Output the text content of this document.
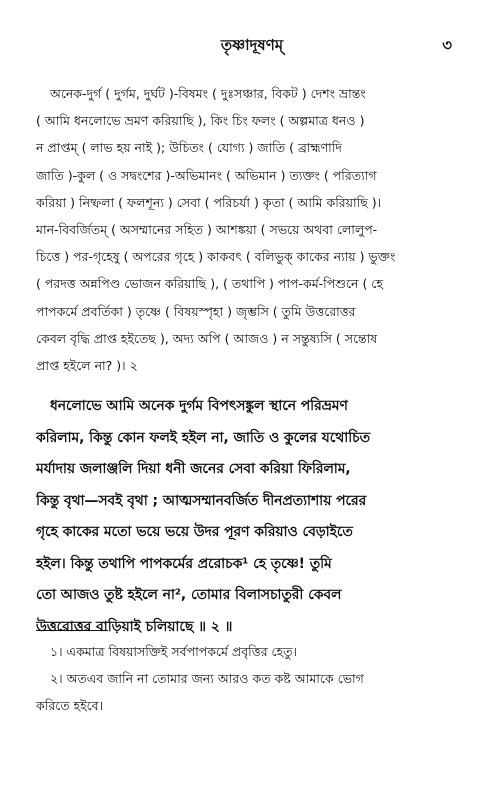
তৃষ্ণাদূষণম্	৩
অনেক-দুর্গ ( দুর্গম, দুর্ঘট )-বিষমং ( দুঃসঞ্চার, বিকট ) দেশং ভ্রান্তং
( আমি ধনলোভে ভ্রমণ করিয়াছি ), কিং চিং ফলং ( অল্পমাত্র ধনও )
ন প্রাপ্তম্ ( লাভ হয় নাই ); উচিতং ( যোগ্য ) জাতি ( ব্রাহ্মণাদি
জাতি )-কুল ( ও সদ্বংশের )-অভিমানং ( অভিমান ) ত্যক্তং ( পরিত্যাগ
করিয়া ) নিষ্ফলা ( ফলশূন্য ) সেবা ( পরিচর্যা ) কৃতা ( আমি করিয়াছি )।
মান-বিবর্জিতম্ ( অসম্মানের সহিত ) আশঙ্কয়া ( সভয়ে অথবা লোলুপ-
চিত্তে ) পর-গৃহেষু ( অপরের গৃহে ) কাকবৎ ( বলিভুক্ কাকের ন্যায় ) ভুক্তং
( পরদত্ত অন্নপিণ্ড ভোজন করিয়াছি ), ( তথাপি ) পাপ-কর্ম-পিশুনে ( হে
পাপকর্মে প্রবর্তিকা ) তৃষ্ণে ( বিষয়স্পৃহা ) জৃম্ভসি ( তুমি উত্তরোত্তর
কেবল বৃদ্ধি প্রাপ্ত হইতেছ ), অদ্য অপি ( আজও ) ন সন্তুষ্যসি ( সন্তোষ
প্রাপ্ত হইলে না? )। ২
ধনলোভে আমি অনেক দুর্গম বিপৎসঙ্কুল স্থানে পরিভ্রমণ
করিলাম, কিন্তু কোন ফলই হইল না, জাতি ও কুলের যথোচিত
মর্যাদায় জলাঞ্জলি দিয়া ধনী জনের সেবা করিয়া ফিরিলাম,
কিন্তু বৃথা—সবই বৃথা ; আত্মসম্মানবর্জিত দীনপ্রত্যাশায় পরের
গৃহে কাকের মতো ভয়ে ভয়ে উদর পূরণ করিয়াও বেড়াইতে
হইল। কিন্তু তথাপি পাপকর্মের প্ররোচক¹ হে তৃষ্ণে! তুমি
তো আজও তুষ্ট হইলে না², তোমার বিলাসচাতুরী কেবল
উত্তরোত্তর বাড়িয়াই চলিয়াছে ॥ ২ ॥
১। একমাত্র বিষয়াসক্তিই সর্বপাপকর্মে প্রবৃত্তির হেতু।
২। অতএব জানি না তোমার জন্য আরও কত কষ্ট আমাকে ভোগ
করিতে হইবে।
